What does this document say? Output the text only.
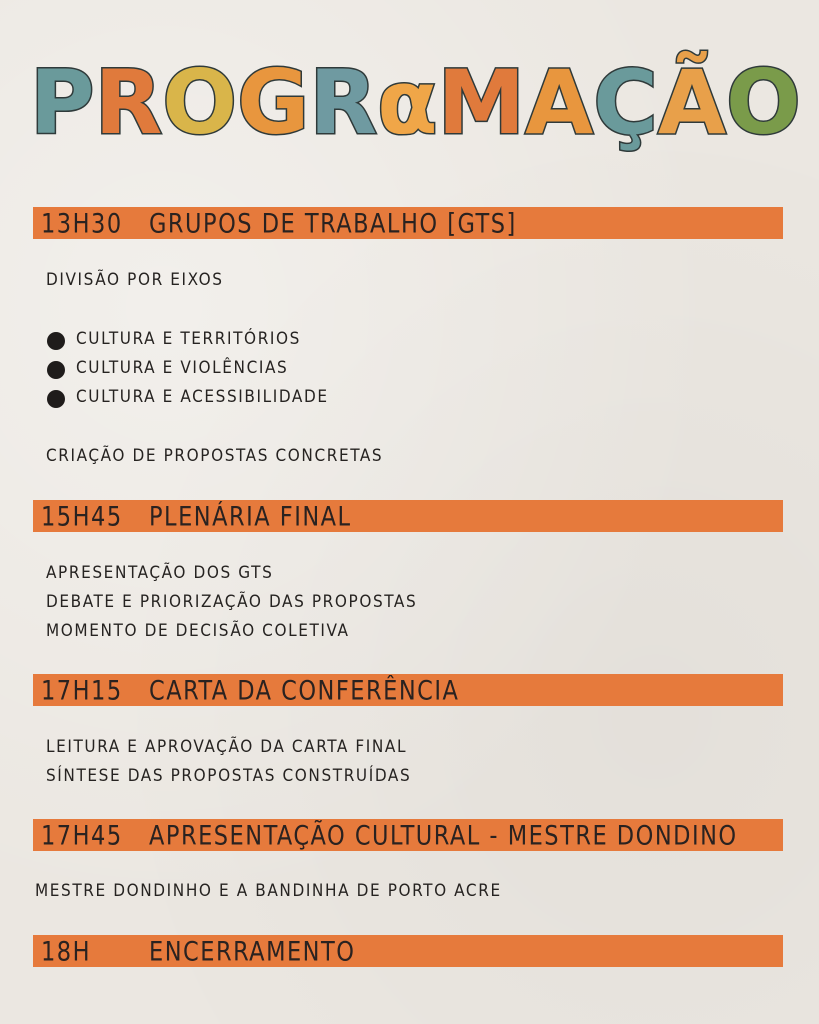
P R O G R α M A Ç Ã O
13H30 GRUPOS DE TRABALHO [GTS]
DIVISÃO POR EIXOS
CULTURA E TERRITÓRIOS
CULTURA E VIOLÊNCIAS
CULTURA E ACESSIBILIDADE
CRIAÇÃO DE PROPOSTAS CONCRETAS
15H45 PLENÁRIA FINAL
APRESENTAÇÃO DOS GTS
DEBATE E PRIORIZAÇÃO DAS PROPOSTAS
MOMENTO DE DECISÃO COLETIVA
17H15 CARTA DA CONFERÊNCIA
LEITURA E APROVAÇÃO DA CARTA FINAL
SÍNTESE DAS PROPOSTAS CONSTRUÍDAS
17H45 APRESENTAÇÃO CULTURAL - MESTRE DONDINO
MESTRE DONDINHO E A BANDINHA DE PORTO ACRE
18H ENCERRAMENTO
